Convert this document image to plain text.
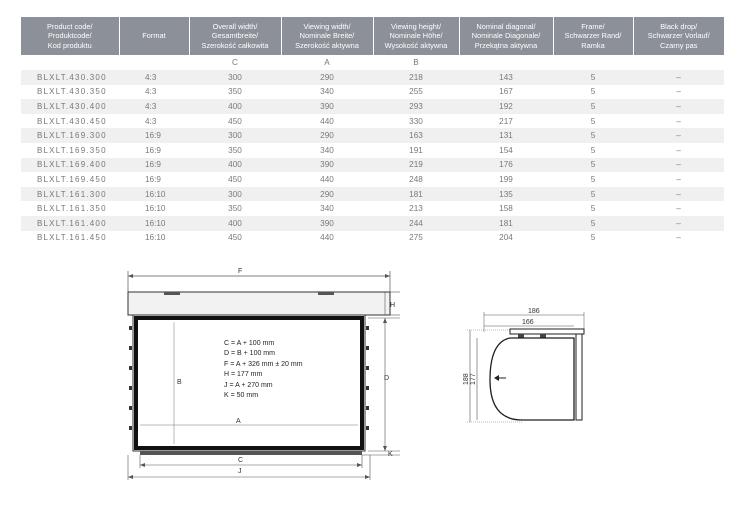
Product code/
Produktcode/
Kod produktu	Format	Overall width/
Gesamtbreite/
Szerokość całkowita	Viewing width/
Nominale Breite/
Szerokość aktywna	Viewing height/
Nominale Höhe/
Wysokość aktywna	Nominal diagonal/
Nominale Diagonale/
Przekątna aktywna	Frame/
Schwarzer Rand/
Ramka	Black drop/
Schwarzer Vorlauf/
Czarny pas

		C	A	B			
BLXLT.430.300	4:3	300	290	218	143	5	–
BLXLT.430.350	4:3	350	340	255	167	5	–
BLXLT.430.400	4:3	400	390	293	192	5	–
BLXLT.430.450	4:3	450	440	330	217	5	–
BLXLT.169.300	16:9	300	290	163	131	5	–
BLXLT.169.350	16:9	350	340	191	154	5	–
BLXLT.169.400	16:9	400	390	219	176	5	–
BLXLT.169.450	16:9	450	440	248	199	5	–
BLXLT.161.300	16:10	300	290	181	135	5	–
BLXLT.161.350	16:10	350	340	213	158	5	–
BLXLT.161.400	16:10	400	390	244	181	5	–
BLXLT.161.450	16:10	450	440	275	204	5	–
F
H
B
A
D
K
C
J
C = A + 100 mm
D = B + 100 mm
F = A + 326 mm ± 20 mm
H = 177 mm
J = A + 270 mm
K = 50 mm
186
166
188 177
